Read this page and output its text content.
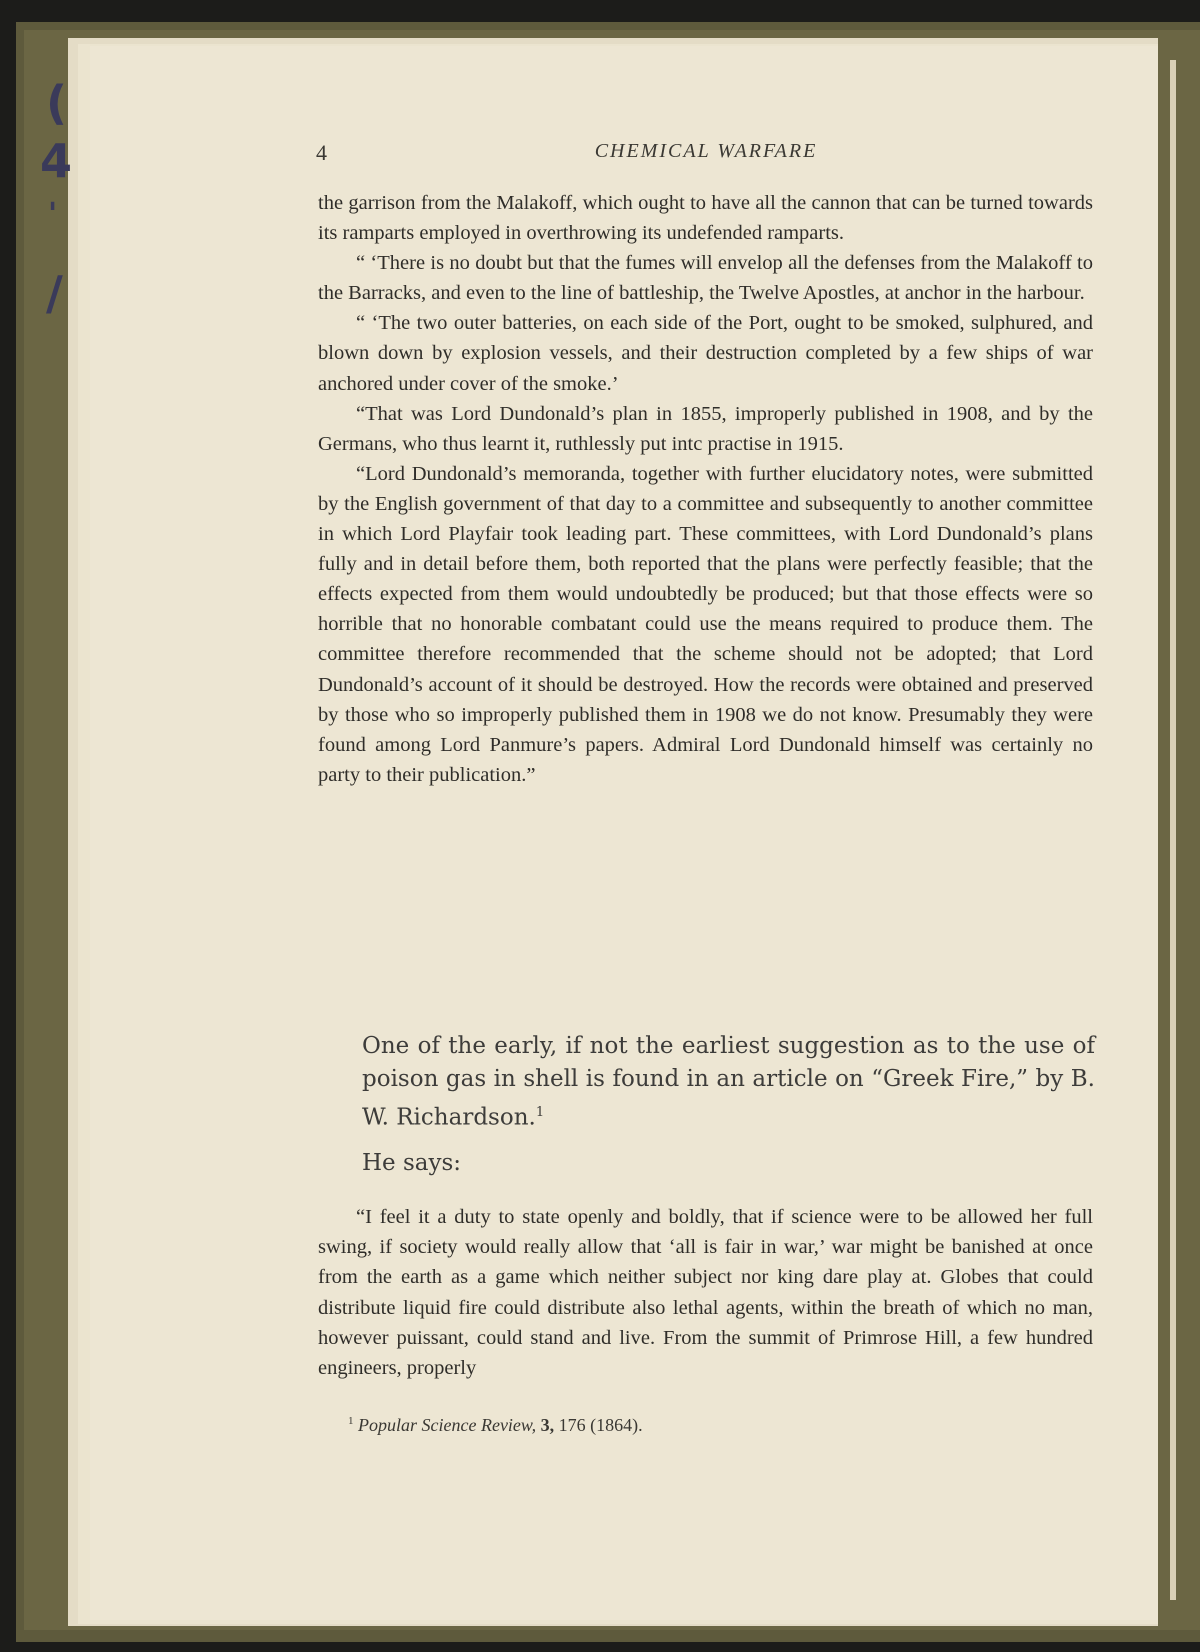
(
4
'
/
4	CHEMICAL WARFARE

the garrison from the Malakoff, which ought to have all the cannon that can be turned towards its ramparts employed in overthrowing its undefended ramparts.

“ ‘There is no doubt but that the fumes will envelop all the defenses from the Malakoff to the Barracks, and even to the line of battleship, the Twelve Apostles, at anchor in the harbour.

“ ‘The two outer batteries, on each side of the Port, ought to be smoked, sulphured, and blown down by explosion vessels, and their destruction completed by a few ships of war anchored under cover of the smoke.’

“That was Lord Dundonald’s plan in 1855, improperly published in 1908, and by the Germans, who thus learnt it, ruthlessly put intc practise in 1915.

“Lord Dundonald’s memoranda, together with further elucidatory notes, were submitted by the English government of that day to a committee and subsequently to another committee in which Lord Playfair took leading part. These committees, with Lord Dundonald’s plans fully and in detail before them, both reported that the plans were perfectly feasible; that the effects expected from them would undoubtedly be produced; but that those effects were so horrible that no honorable combatant could use the means required to produce them. The committee therefore recommended that the scheme should not be adopted; that Lord Dundonald’s account of it should be destroyed. How the records were obtained and preserved by those who so improperly published them in 1908 we do not know. Presumably they were found among Lord Panmure’s papers. Admiral Lord Dundonald himself was certainly no party to their publication.”

One of the early, if not the earliest suggestion as to the use of poison gas in shell is found in an article on “Greek Fire,” by B. W. Richardson.$^1$

He says:

“I feel it a duty to state openly and boldly, that if science were to be allowed her full swing, if society would really allow that ‘all is fair in war,’ war might be banished at once from the earth as a game which neither subject nor king dare play at. Globes that could distribute liquid fire could distribute also lethal agents, within the breath of which no man, however puissant, could stand and live. From the summit of Primrose Hill, a few hundred engineers, properly

$^1$ Popular Science Review, 3, 176 (1864).
